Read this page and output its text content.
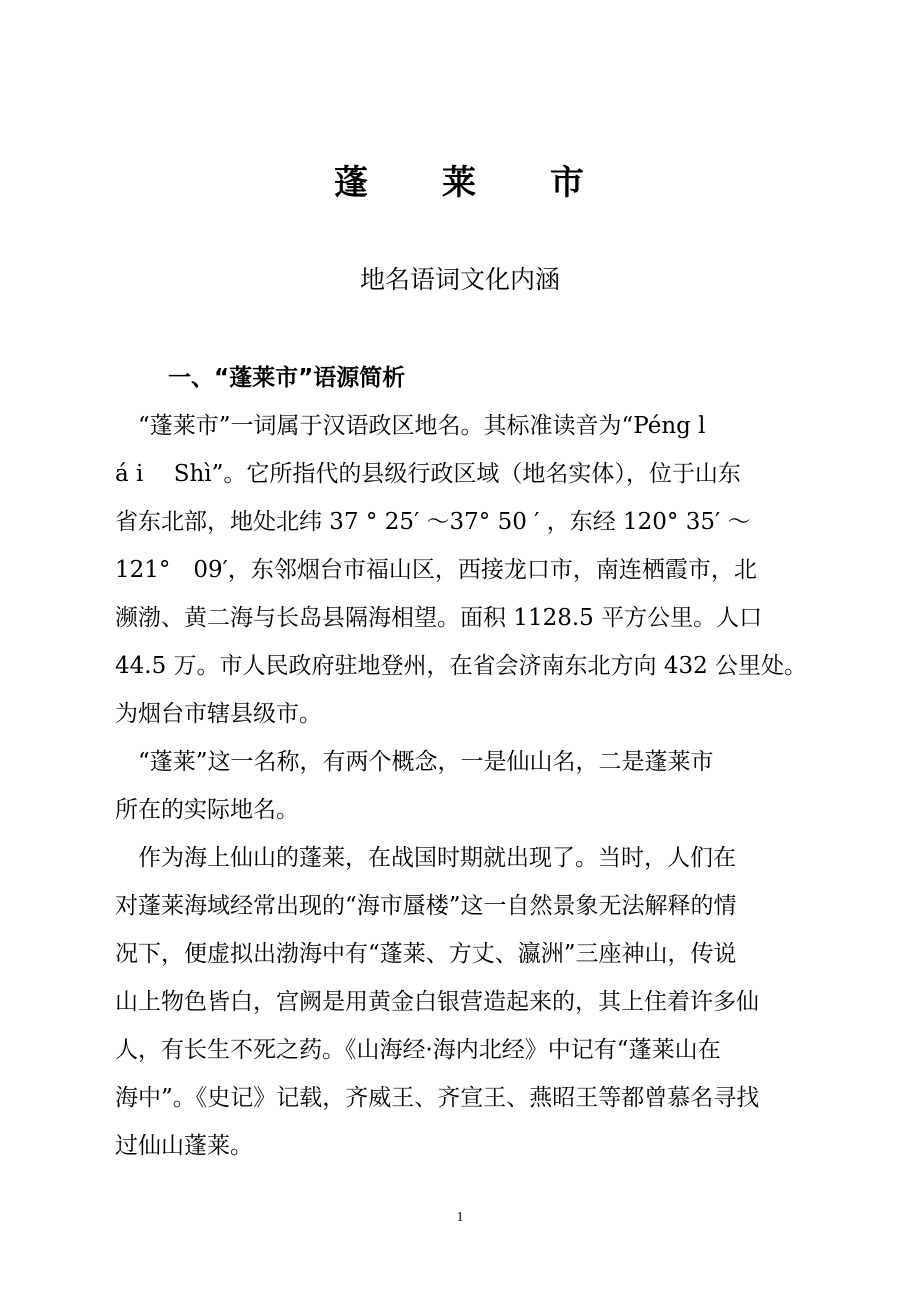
蓬　　莱　　市
地名语词文化内涵
一、“蓬莱市”语源简析
　“蓬莱市”一词属于汉语政区地名。其标准读音为“Péng l
á i　 Shì”。它所指代的县级行政区域（地名实体），位于山东
省东北部，地处北纬 37 ° 25′ ～37° 50 ′ ，东经 120° 35′ ～
121°　09′，东邻烟台市福山区，西接龙口市，南连栖霞市，北
濒渤、黄二海与长岛县隔海相望。面积 1128.5 平方公里。人口
44.5 万。市人民政府驻地登州，在省会济南东北方向 432 公里处。
为烟台市辖县级市。
　“蓬莱”这一名称，有两个概念，一是仙山名，二是蓬莱市
所在的实际地名。
　作为海上仙山的蓬莱，在战国时期就出现了。当时，人们在
对蓬莱海域经常出现的“海市蜃楼”这一自然景象无法解释的情
况下，便虚拟出渤海中有“蓬莱、方丈、瀛洲”三座神山，传说
山上物色皆白，宫阙是用黄金白银营造起来的，其上住着许多仙
人，有长生不死之药。《山海经·海内北经》中记有“蓬莱山在
海中”。《史记》记载，齐威王、齐宣王、燕昭王等都曾慕名寻找
过仙山蓬莱。
1
